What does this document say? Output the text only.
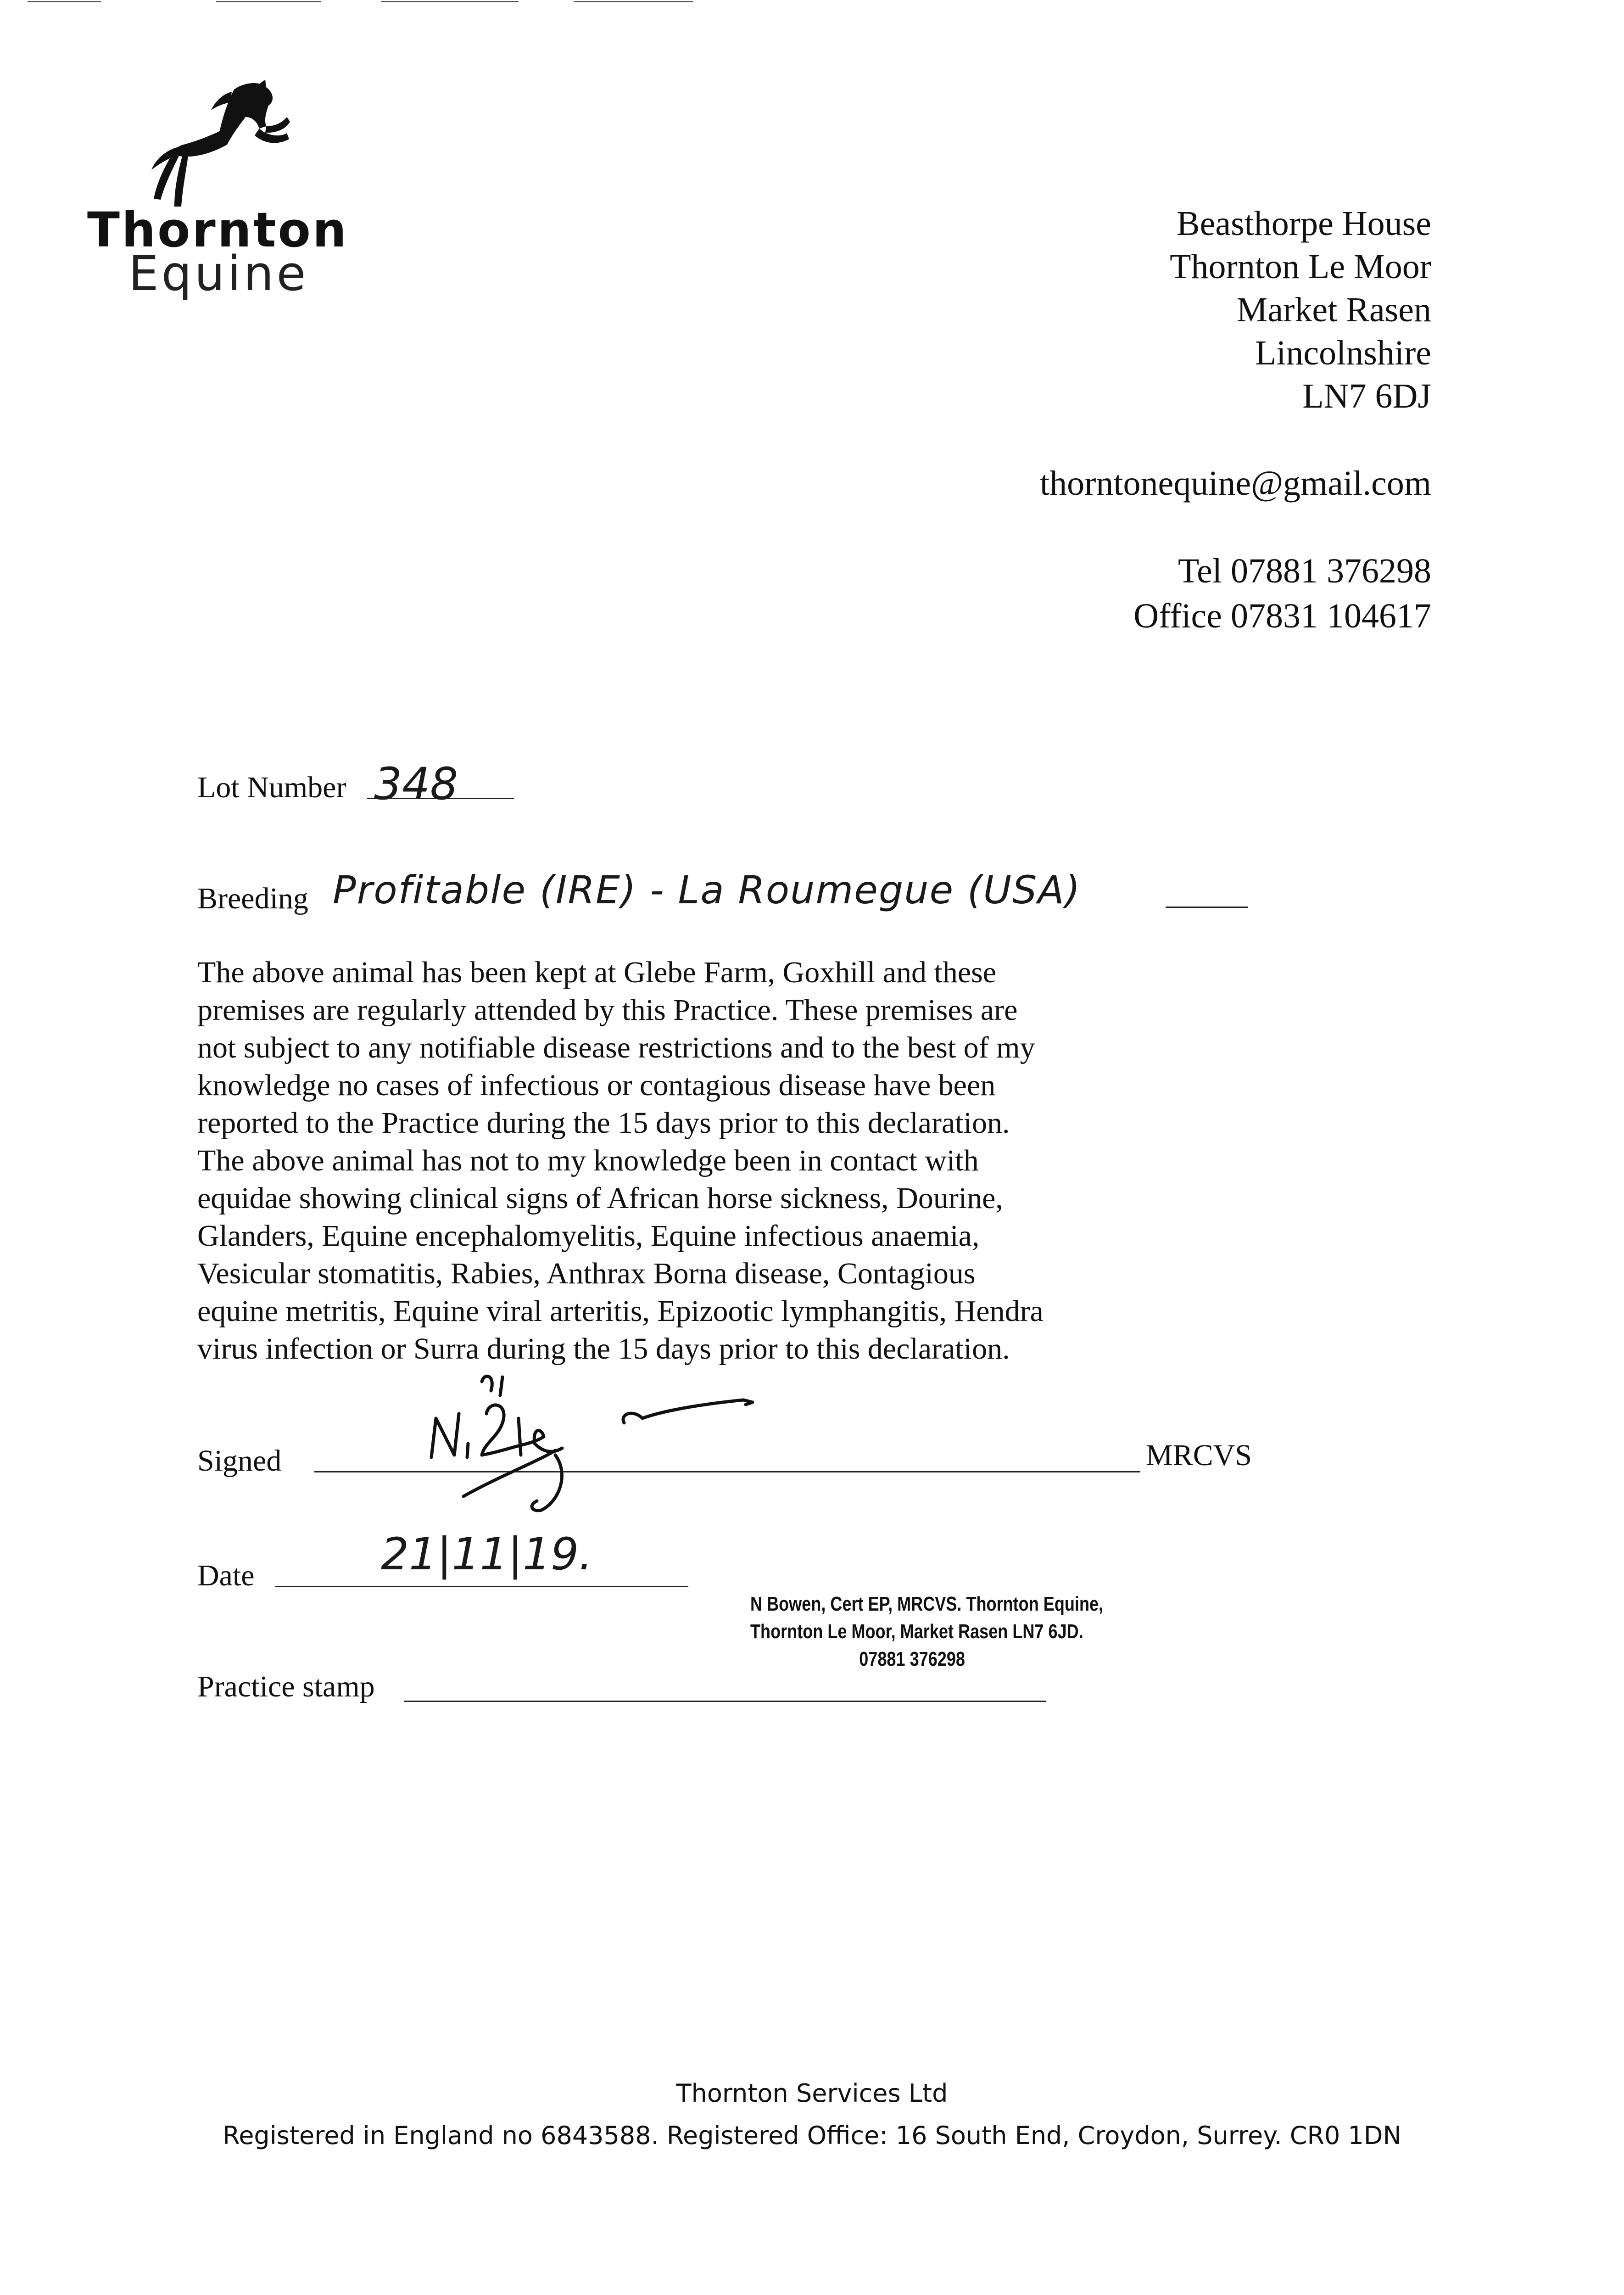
Thornton
Equine
Beasthorpe House
Thornton Le Moor
Market Rasen
Lincolnshire
LN7 6DJ
thorntonequine@gmail.com
Tel 07881 376298
Office 07831 104617
Lot Number 348
Breeding Profitable (IRE) - La Roumegue (USA)

The above animal has been kept at Glebe Farm, Goxhill and these

premises are regularly attended by this Practice. These premises are

not subject to any notifiable disease restrictions and to the best of my

knowledge no cases of infectious or contagious disease have been

reported to the Practice during the 15 days prior to this declaration.

The above animal has not to my knowledge been in contact with

equidae showing clinical signs of African horse sickness, Dourine,

Glanders, Equine encephalomyelitis, Equine infectious anaemia,

Vesicular stomatitis, Rabies, Anthrax Borna disease, Contagious

equine metritis, Equine viral arteritis, Epizootic lymphangitis, Hendra

virus infection or Surra during the 15 days prior to this declaration.

Signed	MRCVS
Date	21|11|19.
N Bowen, Cert EP, MRCVS. Thornton Equine,
Thornton Le Moor, Market Rasen LN7 6JD.
07881 376298
Practice stamp
Thornton Services Ltd
Registered in England no 6843588. Registered Office: 16 South End, Croydon, Surrey. CR0 1DN
